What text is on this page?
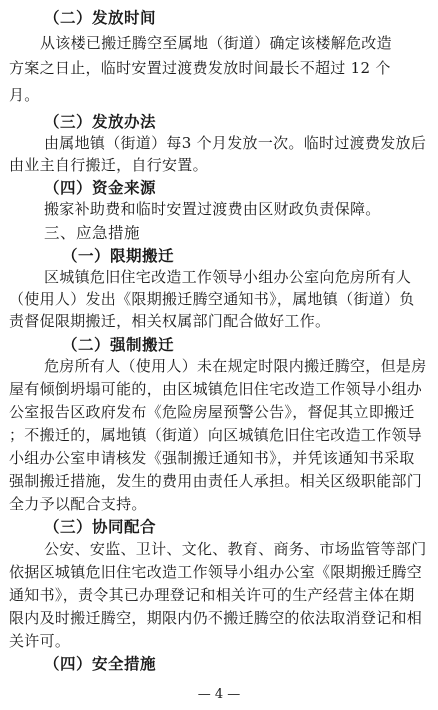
（二）发放时间
从该楼已搬迁腾空至属地（街道）确定该楼解危改造
方案之日止，临时安置过渡费发放时间最长不超过 12 个
月。
（三）发放办法
由属地镇（街道）每3 个月发放一次。临时过渡费发放后
由业主自行搬迁，自行安置。
（四）资金来源
搬家补助费和临时安置过渡费由区财政负责保障。
三、应急措施
（一）限期搬迁
区城镇危旧住宅改造工作领导小组办公室向危房所有人
（使用人）发出《限期搬迁腾空通知书》，属地镇（街道）负
责督促限期搬迁，相关权属部门配合做好工作。
（二）强制搬迁
危房所有人（使用人）未在规定时限内搬迁腾空，但是房
屋有倾倒坍塌可能的，由区城镇危旧住宅改造工作领导小组办
公室报告区政府发布《危险房屋预警公告》，督促其立即搬迁
；不搬迁的，属地镇（街道）向区城镇危旧住宅改造工作领导
小组办公室申请核发《强制搬迁通知书》，并凭该通知书采取
强制搬迁措施，发生的费用由责任人承担。相关区级职能部门
全力予以配合支持。
（三）协同配合
公安、安监、卫计、文化、教育、商务、市场监管等部门
依据区城镇危旧住宅改造工作领导小组办公室《限期搬迁腾空
通知书》，责令其已办理登记和相关许可的生产经营主体在期
限内及时搬迁腾空，期限内仍不搬迁腾空的依法取消登记和相
关许可。
（四）安全措施
— 4 —
